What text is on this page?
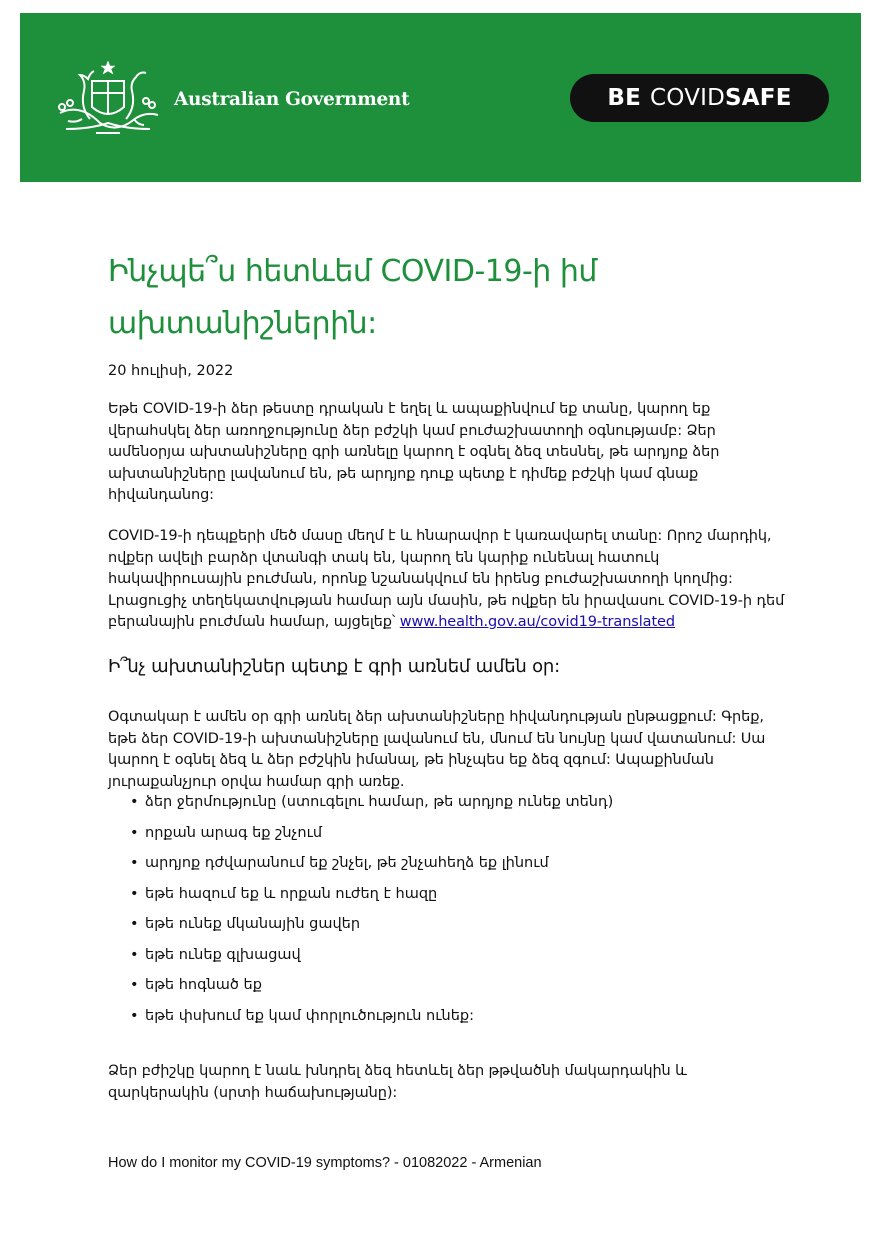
Australian Government	BE COVID SAFE
Ինչպե՞ս հետևեմ COVID-19-ի իմ ախտանիշներին:
20 հուլիսի, 2022

Եթե COVID-19-ի ձեր թեստը դրական է եղել և ապաքինվում եք տանը, կարող եք վերահսկել ձեր առողջությունը ձեր բժշկի կամ բուժաշխատողի օգնությամբ: Ձեր ամենօրյա ախտանիշները գրի առնելը կարող է օգնել ձեզ տեսնել, թե արդյոք ձեր ախտանիշները լավանում են, թե արդյոք դուք պետք է դիմեք բժշկի կամ գնաք հիվանդանոց:

COVID-19-ի դեպքերի մեծ մասը մեղմ է և հնարավոր է կառավարել տանը: Որոշ մարդիկ, ովքեր ավելի բարձր վտանգի տակ են, կարող են կարիք ունենալ հատուկ հակավիրուսային բուժման, որոնք նշանակվում են իրենց բուժաշխատողի կողմից: Լրացուցիչ տեղեկատվության համար այն մասին, թե ովքեր են իրավասու COVID-19-ի դեմ բերանային բուժման համար, այցելեք՝ www.health.gov.au/covid19-translated

Ի՞նչ ախտանիշներ պետք է գրի առնեմ ամեն օր:

Օգտակար է ամեն օր գրի առնել ձեր ախտանիշները հիվանդության ընթացքում: Գրեք, եթե ձեր COVID-19-ի ախտանիշները լավանում են, մնում են նույնը կամ վատանում: Սա կարող է օգնել ձեզ և ձեր բժշկին իմանալ, թե ինչպես եք ձեզ զգում: Ապաքինման յուրաքանչյուր օրվա համար գրի առեք.

• ձեր ջերմությունը (ստուգելու համար, թե արդյոք ունեք տենդ)
• որքան արագ եք շնչում
• արդյոք դժվարանում եք շնչել, թե շնչահեղձ եք լինում
• եթե հազում եք և որքան ուժեղ է հազը
• եթե ունեք մկանային ցավեր
• եթե ունեք գլխացավ
• եթե հոգնած եք
• եթե փսխում եք կամ փորլուծություն ունեք:

Ձեր բժիշկը կարող է նաև խնդրել ձեզ հետևել ձեր թթվածնի մակարդակին և զարկերակին (սրտի հաճախությանը):

How do I monitor my COVID-19 symptoms? - 01082022 - Armenian
